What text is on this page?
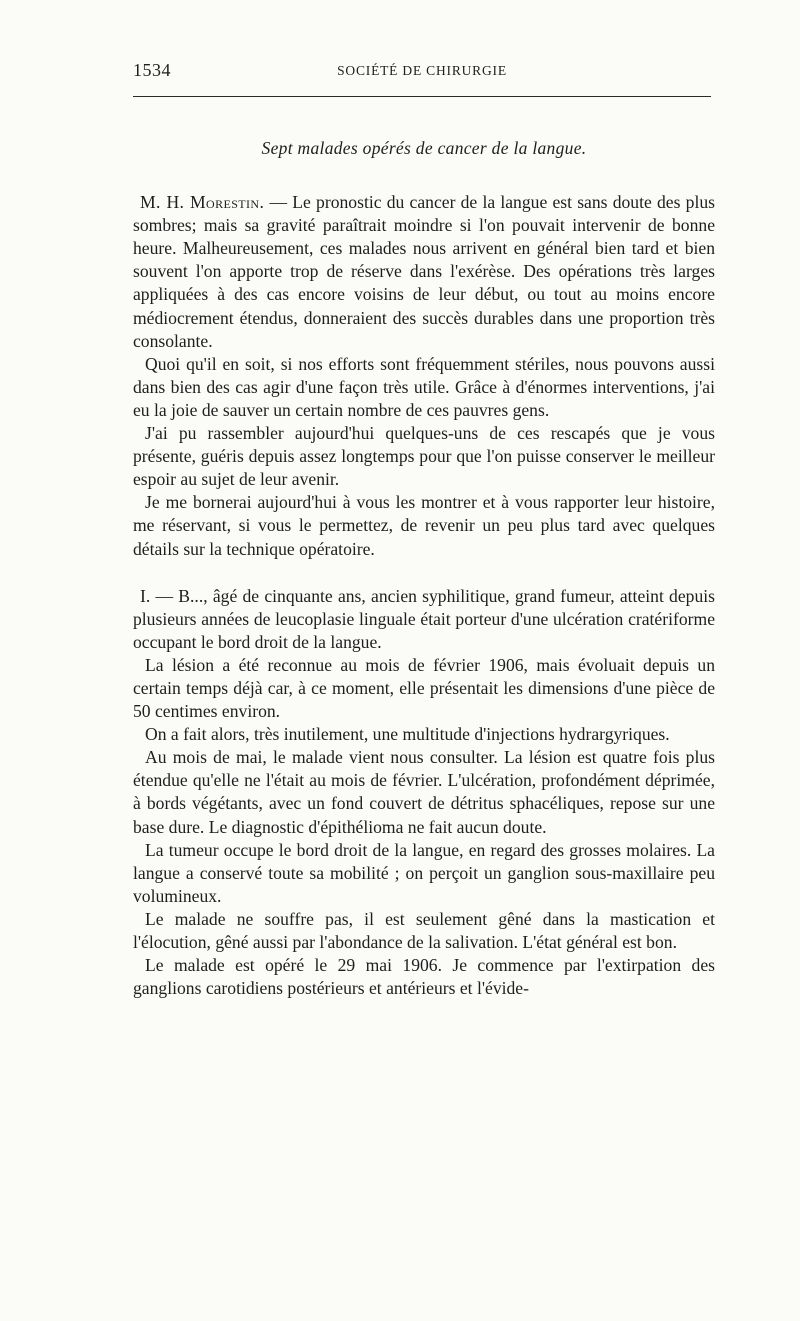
1534	SOCIÉTÉ DE CHIRURGIE

Sept malades opérés de cancer de la langue.

M. H. Morestin. — Le pronostic du cancer de la langue est sans doute des plus sombres; mais sa gravité paraîtrait moindre si l'on pouvait intervenir de bonne heure. Malheureusement, ces malades nous arrivent en général bien tard et bien souvent l'on apporte trop de réserve dans l'exérèse. Des opérations très larges appliquées à des cas encore voisins de leur début, ou tout au moins encore médiocrement étendus, donneraient des succès durables dans une proportion très consolante.

Quoi qu'il en soit, si nos efforts sont fréquemment stériles, nous pouvons aussi dans bien des cas agir d'une façon très utile. Grâce à d'énormes interventions, j'ai eu la joie de sauver un certain nombre de ces pauvres gens.

J'ai pu rassembler aujourd'hui quelques-uns de ces rescapés que je vous présente, guéris depuis assez longtemps pour que l'on puisse conserver le meilleur espoir au sujet de leur avenir.

Je me bornerai aujourd'hui à vous les montrer et à vous rapporter leur histoire, me réservant, si vous le permettez, de revenir un peu plus tard avec quelques détails sur la technique opératoire.

I. — B..., âgé de cinquante ans, ancien syphilitique, grand fumeur, atteint depuis plusieurs années de leucoplasie linguale était porteur d'une ulcération cratériforme occupant le bord droit de la langue.

La lésion a été reconnue au mois de février 1906, mais évoluait depuis un certain temps déjà car, à ce moment, elle présentait les dimensions d'une pièce de 50 centimes environ.

On a fait alors, très inutilement, une multitude d'injections hydrargyriques.

Au mois de mai, le malade vient nous consulter. La lésion est quatre fois plus étendue qu'elle ne l'était au mois de février. L'ulcération, profondément déprimée, à bords végétants, avec un fond couvert de détritus sphacéliques, repose sur une base dure. Le diagnostic d'épithélioma ne fait aucun doute.

La tumeur occupe le bord droit de la langue, en regard des grosses molaires. La langue a conservé toute sa mobilité ; on perçoit un ganglion sous-maxillaire peu volumineux.

Le malade ne souffre pas, il est seulement gêné dans la mastication et l'élocution, gêné aussi par l'abondance de la salivation. L'état général est bon.

Le malade est opéré le 29 mai 1906. Je commence par l'extirpation des ganglions carotidiens postérieurs et antérieurs et l'évide-
